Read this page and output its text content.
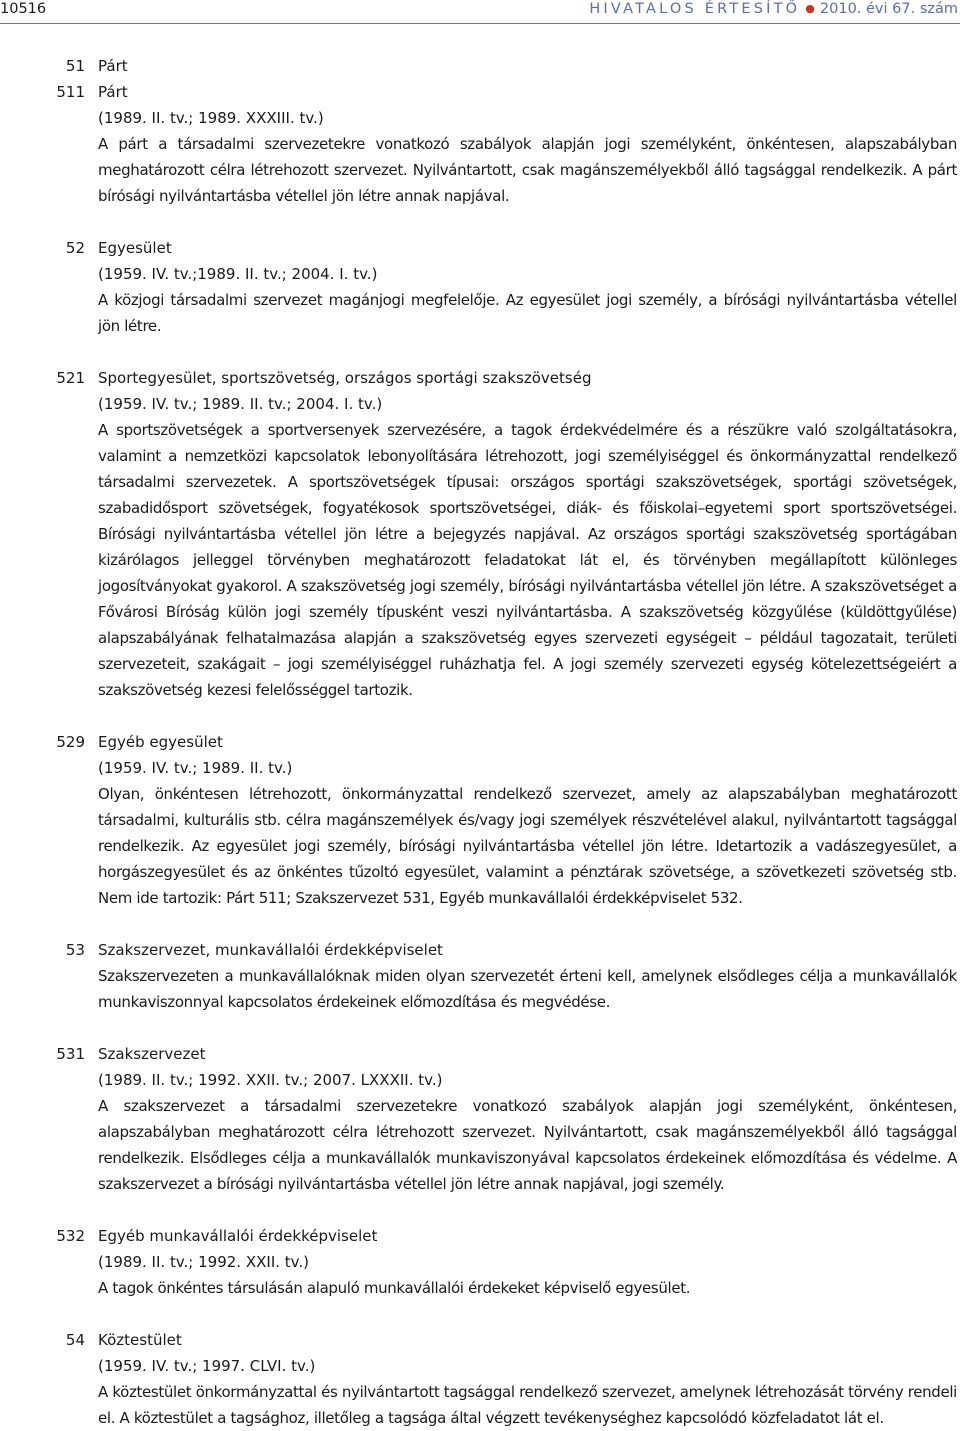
10516	HIVATALOS ÉRTESÍTŐ ● 2010. évi 67. szám
51 Párt
511 Párt
(1989. II. tv.; 1989. XXXIII. tv.)

A párt a társadalmi szervezetekre vonatkozó szabályok alapján jogi személyként, önkéntesen, alapszabályban meghatározott célra létrehozott szervezet. Nyilvántartott, csak magánszemélyekből álló tagsággal rendelkezik. A párt bírósági nyilvántartásba vétellel jön létre annak napjával.

52 Egyesület
(1959. IV. tv.;1989. II. tv.; 2004. I. tv.)

A közjogi társadalmi szervezet magánjogi megfelelője. Az egyesület jogi személy, a bírósági nyilvántartásba vétellel jön létre.

521 Sportegyesület, sportszövetség, országos sportági szakszövetség
(1959. IV. tv.; 1989. II. tv.; 2004. I. tv.)

A sportszövetségek a sportversenyek szervezésére, a tagok érdekvédelmére és a részükre való szolgáltatásokra, valamint a nemzetközi kapcsolatok lebonyolítására létrehozott, jogi személyiséggel és önkormányzattal rendelkező társadalmi szervezetek. A sportszövetségek típusai: országos sportági szakszövetségek, sportági szövetségek, szabadidősport szövetségek, fogyatékosok sportszövetségei, diák- és főiskolai–egyetemi sport sportszövetségei. Bírósági nyilvántartásba vétellel jön létre a bejegyzés napjával. Az országos sportági szakszövetség sportágában kizárólagos jelleggel törvényben meghatározott feladatokat lát el, és törvényben megállapított különleges jogosítványokat gyakorol. A szakszövetség jogi személy, bírósági nyilvántartásba vétellel jön létre. A szakszövetséget a Fővárosi Bíróság külön jogi személy típusként veszi nyilvántartásba. A szakszövetség közgyűlése (küldöttgyűlése) alapszabályának felhatalmazása alapján a szakszövetség egyes szervezeti egységeit – például tagozatait, területi szervezeteit, szakágait – jogi személyiséggel ruházhatja fel. A jogi személy szervezeti egység kötelezettségeiért a szakszövetség kezesi felelősséggel tartozik.

529 Egyéb egyesület
(1959. IV. tv.; 1989. II. tv.)

Olyan, önkéntesen létrehozott, önkormányzattal rendelkező szervezet, amely az alapszabályban meghatározott társadalmi, kulturális stb. célra magánszemélyek és/vagy jogi személyek részvételével alakul, nyilvántartott tagsággal rendelkezik. Az egyesület jogi személy, bírósági nyilvántartásba vétellel jön létre. Idetartozik a vadászegyesület, a horgászegyesület és az önkéntes tűzoltó egyesület, valamint a pénztárak szövetsége, a szövetkezeti szövetség stb. Nem ide tartozik: Párt 511; Szakszervezet 531, Egyéb munkavállalói érdekképviselet 532.

53 Szakszervezet, munkavállalói érdekképviselet

Szakszervezeten a munkavállalóknak miden olyan szervezetét érteni kell, amelynek elsődleges célja a munkavállalók munkaviszonnyal kapcsolatos érdekeinek előmozdítása és megvédése.

531 Szakszervezet
(1989. II. tv.; 1992. XXII. tv.; 2007. LXXXII. tv.)

A szakszervezet a társadalmi szervezetekre vonatkozó szabályok alapján jogi személyként, önkéntesen, alapszabályban meghatározott célra létrehozott szervezet. Nyilvántartott, csak magánszemélyekből álló tagsággal rendelkezik. Elsődleges célja a munkavállalók munkaviszonyával kapcsolatos érdekeinek előmozdítása és védelme. A szakszervezet a bírósági nyilvántartásba vétellel jön létre annak napjával, jogi személy.

532 Egyéb munkavállalói érdekképviselet
(1989. II. tv.; 1992. XXII. tv.)

A tagok önkéntes társulásán alapuló munkavállalói érdekeket képviselő egyesület.

54 Köztestület
(1959. IV. tv.; 1997. CLVI. tv.)

A köztestület önkormányzattal és nyilvántartott tagsággal rendelkező szervezet, amelynek létrehozását törvény rendeli el. A köztestület a tagsághoz, illetőleg a tagsága által végzett tevékenységhez kapcsolódó közfeladatot lát el.
